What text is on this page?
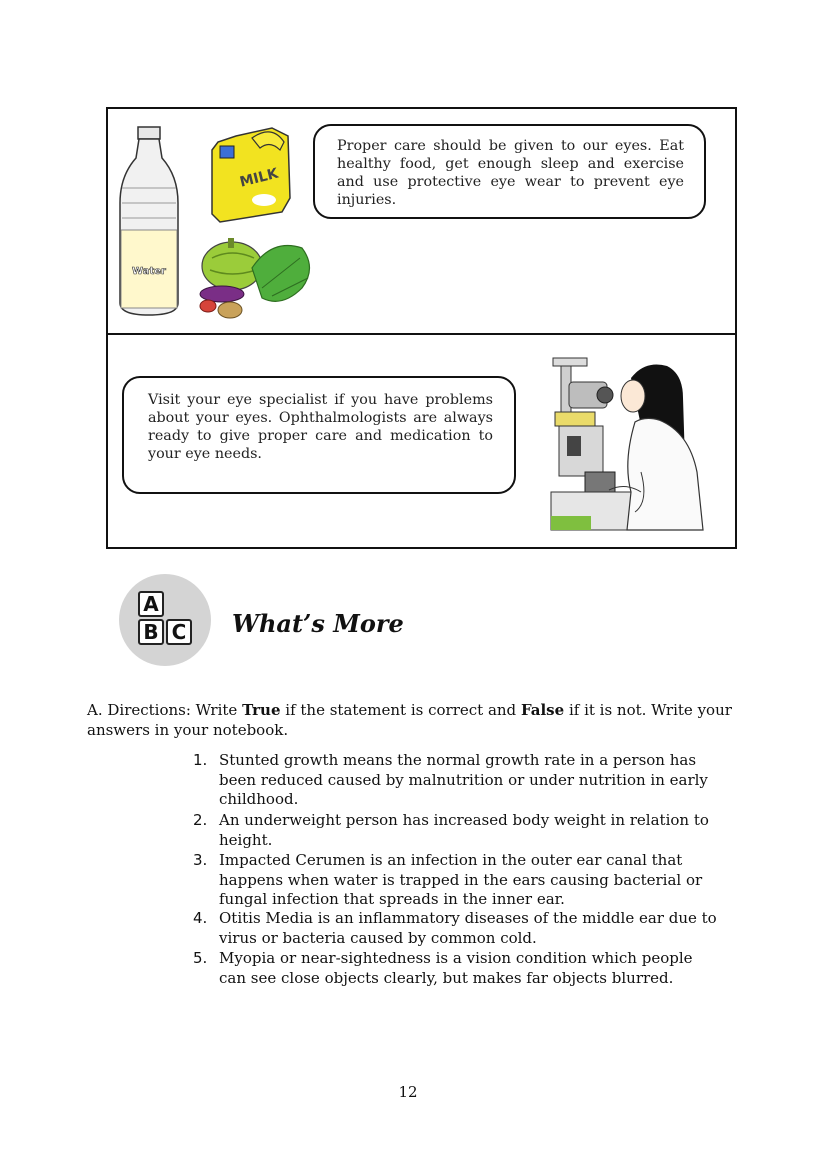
Water
MILK

Proper care should be given to our eyes. Eat healthy food, get enough sleep and exercise and use protective eye wear to prevent eye injuries.

Visit your eye specialist if you have problems about your eyes. Ophthalmologists are always ready to give proper care and medication to your eye needs.

A
B C What’s More
A. Directions: Write True if the statement is correct and False if it is not. Write your answers in your notebook.
1. Stunted growth means the normal growth rate in a person has been reduced caused by malnutrition or under nutrition in early childhood.
2. An underweight person has increased body weight in relation to height.
3. Impacted Cerumen is an infection in the outer ear canal that happens when water is trapped in the ears causing bacterial or fungal infection that spreads in the inner ear.
4. Otitis Media is an inflammatory diseases of the middle ear due to virus or bacteria caused by common cold.
5. Myopia or near-sightedness is a vision condition which people can see close objects clearly, but makes far objects blurred.
12
